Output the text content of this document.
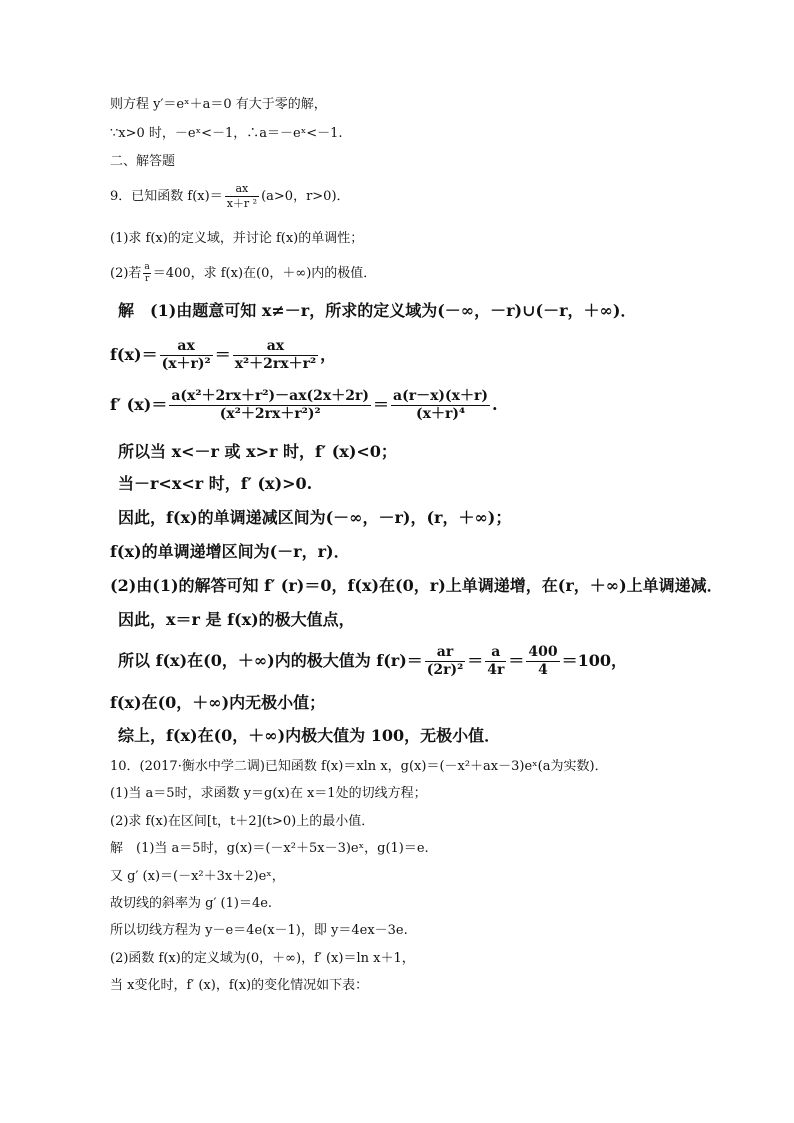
则方程 y′＝eˣ＋a＝0 有大于零的解，
∵x>0 时，－eˣ<－1，∴a＝－eˣ<－1.
二、解答题
9．已知函数 $f(x)= \frac{ax}{\text{x＋r ²}} (a>0$，r>0)．
(1)求 f(x)的定义域，并讨论 f(x)的单调性；
(2)若 $\frac{a}{r} =400$，求 f(x)在(0，＋∞)内的极值．
解　(1)由题意可知 x≠－r，所求的定义域为(－∞，－r)∪(－r，＋∞)．
$f(x)= \frac{ax}{\text{(x＋r)²}} = \frac{ax}{\text{x²＋2rx＋r²}}$ ，
f′ $(x)= \frac{\text{a(x²＋2rx＋r²)－ax(2x＋2r)}}{\text{(x²＋2rx＋r²)²}} = \frac{a(r-x)(x+r)}{\text{(x＋r)⁴}}$ .
所以当 x<－r 或 x>r 时，f′ (x)<0；
当－r<x<r 时，f′ (x)>0.
因此，f(x)的单调递减区间为(－∞，－r)，(r，＋∞)；
f(x)的单调递增区间为(－r，r)．
(2)由(1)的解答可知 f′ (r)＝0，f(x)在(0，r)上单调递增，在(r，＋∞)上单调递减．
因此，x＝r 是 f(x)的极大值点，
所以 f(x)在(0，＋∞)内的极大值为 $f(r)= \frac{ar}{\text{(2r)²}} = \frac{a}{4r} = \frac{400}{4} =100$，
f(x)在(0，＋∞)内无极小值；
综上，f(x)在(0，＋∞)内极大值为 100，无极小值．
10．(2017·衡水中学二调)已知函数 f(x)＝xln x，g(x)＝(－x²＋ax－3)eˣ(a为实数)．
(1)当 a＝5时，求函数 y＝g(x)在 x＝1处的切线方程；
(2)求 f(x)在区间[t，t＋2](t>0)上的最小值．
解　(1)当 a＝5时，g(x)＝(－x²＋5x－3)eˣ，g(1)＝e.
又 g′ (x)＝(－x²＋3x＋2)eˣ，
故切线的斜率为 g′ (1)＝4e.
所以切线方程为 y－e＝4e(x－1)，即 y＝4ex－3e.
(2)函数 f(x)的定义域为(0，＋∞)，f′ (x)＝ln x＋1，
当 x变化时，f′ (x)，f(x)的变化情况如下表：
